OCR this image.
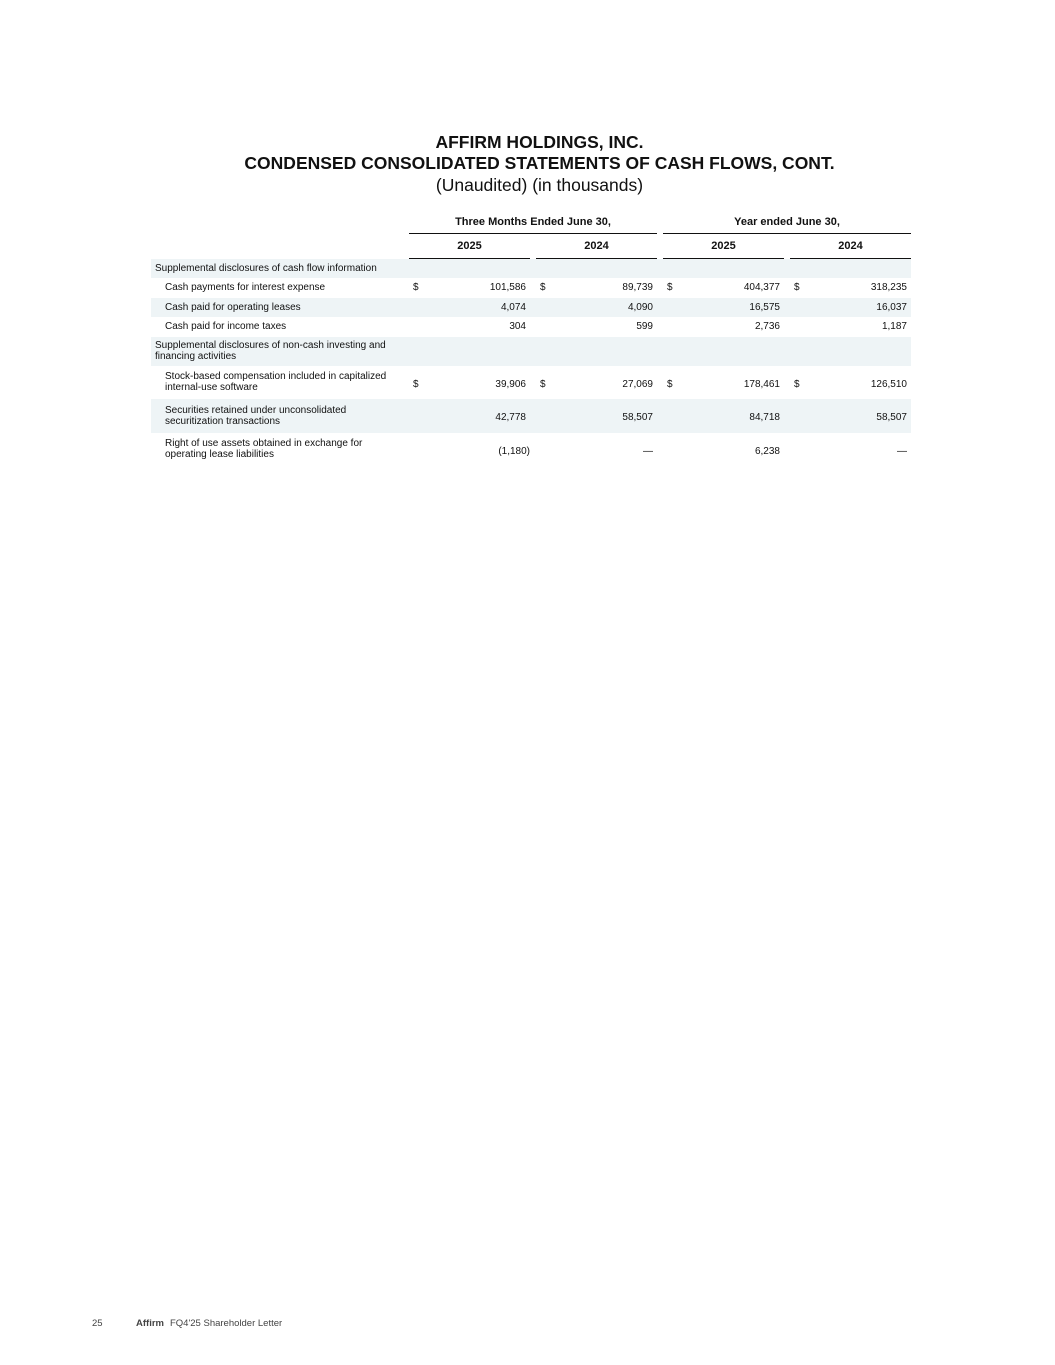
AFFIRM HOLDINGS, INC.
CONDENSED CONSOLIDATED STATEMENTS OF CASH FLOWS, CONT.
(Unaudited) (in thousands)
		Three Months Ended June 30,						Year ended June 30,				
		2025			2024			2025			2024	
Supplemental disclosures of cash flow information												
Cash payments for interest expense		$	101,586		$	89,739		$	404,377		$	318,235
Cash paid for operating leases			4,074			4,090			16,575			16,037
Cash paid for income taxes			304			599			2,736			1,187
Supplemental disclosures of non-cash investing and financing activities												
Stock-based compensation included in capitalized internal-use software		$	39,906		$	27,069		$	178,461		$	126,510
Securities retained under unconsolidated securitization transactions			42,778			58,507			84,718			58,507
Right of use assets obtained in exchange for operating lease liabilities			(1,180)			—			6,238			—
25	Affirm FQ4'25 Shareholder Letter
